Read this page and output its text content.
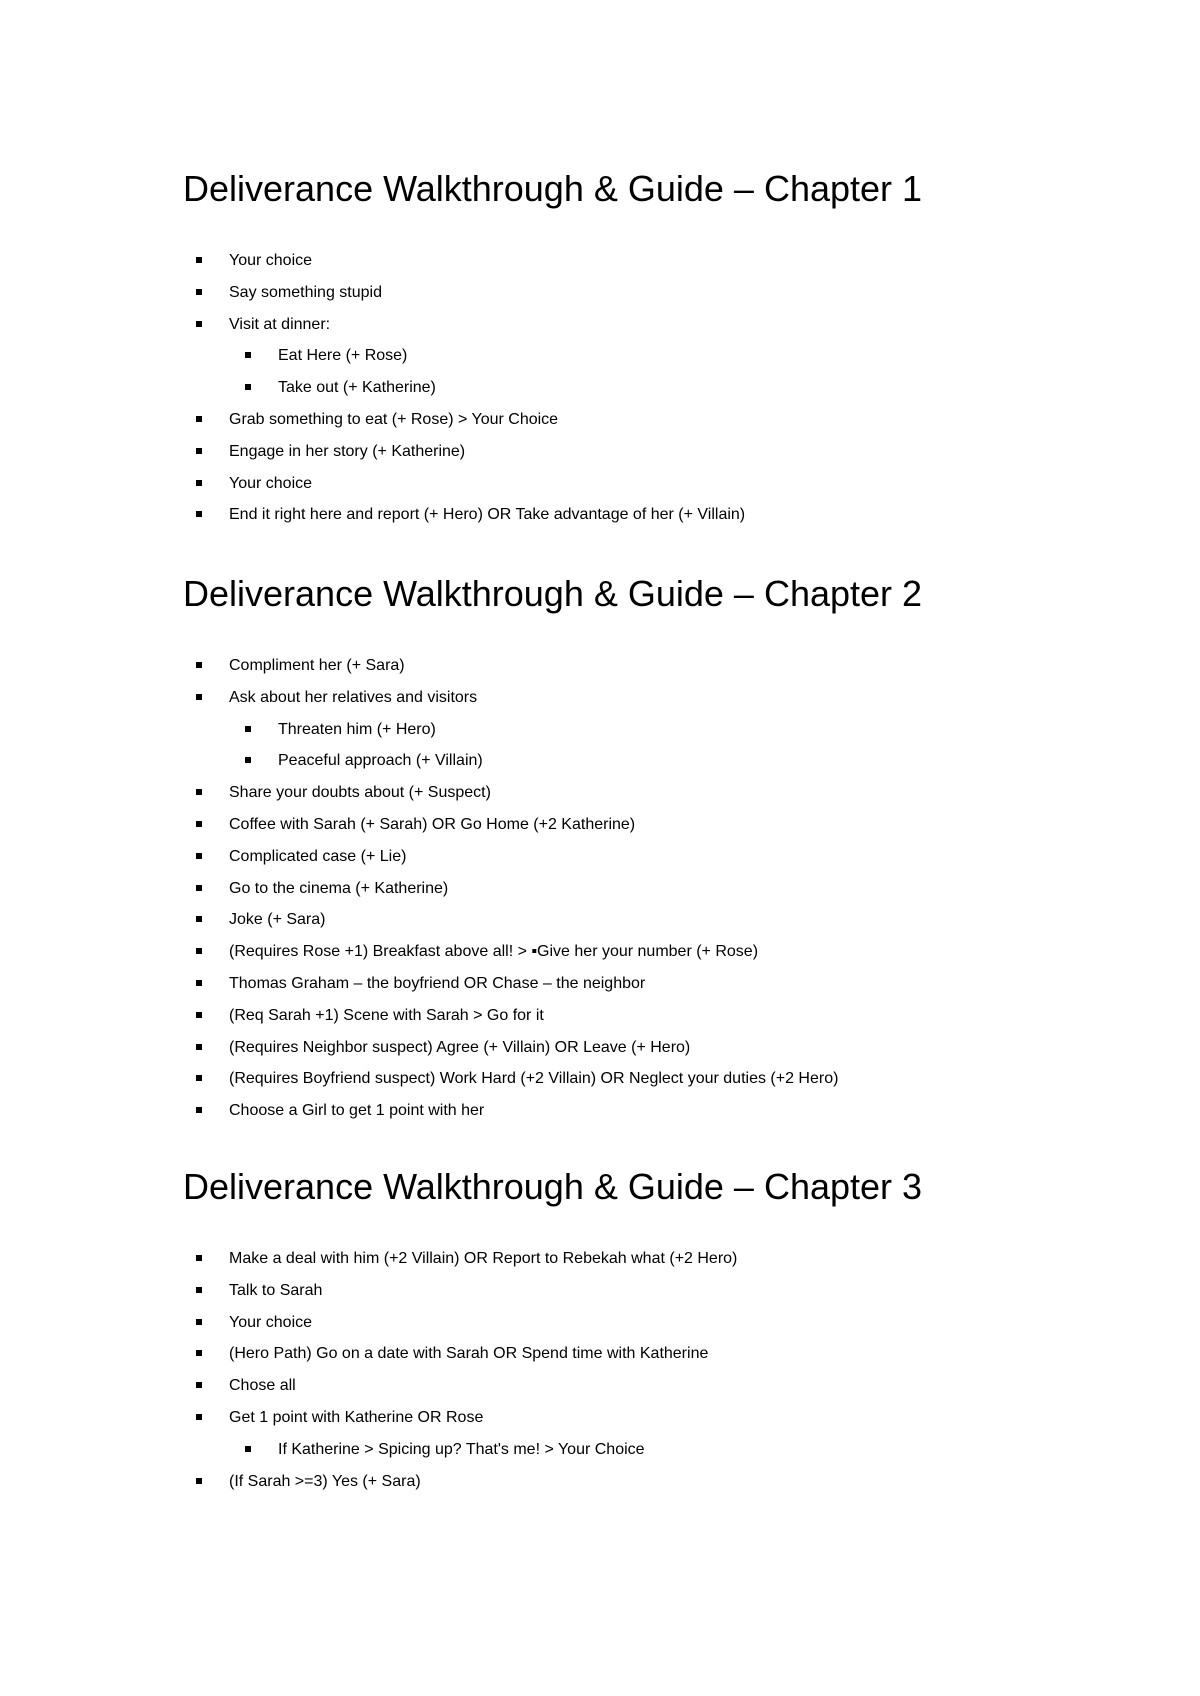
Deliverance Walkthrough & Guide – Chapter 1
Your choice
Say something stupid
Visit at dinner:
Eat Here (+ Rose)
Take out (+ Katherine)
Grab something to eat (+ Rose) > Your Choice
Engage in her story (+ Katherine)
Your choice
End it right here and report (+ Hero) OR Take advantage of her (+ Villain)
Deliverance Walkthrough & Guide – Chapter 2
Compliment her (+ Sara)
Ask about her relatives and visitors
Threaten him (+ Hero)
Peaceful approach (+ Villain)
Share your doubts about (+ Suspect)
Coffee with Sarah (+ Sarah) OR Go Home (+2 Katherine)
Complicated case (+ Lie)
Go to the cinema (+ Katherine)
Joke (+ Sara)
(Requires Rose +1) Breakfast above all! > ▪Give her your number (+ Rose)
Thomas Graham – the boyfriend OR Chase – the neighbor
(Req Sarah +1) Scene with Sarah > Go for it
(Requires Neighbor suspect) Agree (+ Villain) OR Leave (+ Hero)
(Requires Boyfriend suspect) Work Hard (+2 Villain) OR Neglect your duties (+2 Hero)
Choose a Girl to get 1 point with her
Deliverance Walkthrough & Guide – Chapter 3
Make a deal with him (+2 Villain) OR Report to Rebekah what (+2 Hero)
Talk to Sarah
Your choice
(Hero Path) Go on a date with Sarah OR Spend time with Katherine
Chose all
Get 1 point with Katherine OR Rose
If Katherine > Spicing up? That's me! > Your Choice
(If Sarah >=3) Yes (+ Sara)
